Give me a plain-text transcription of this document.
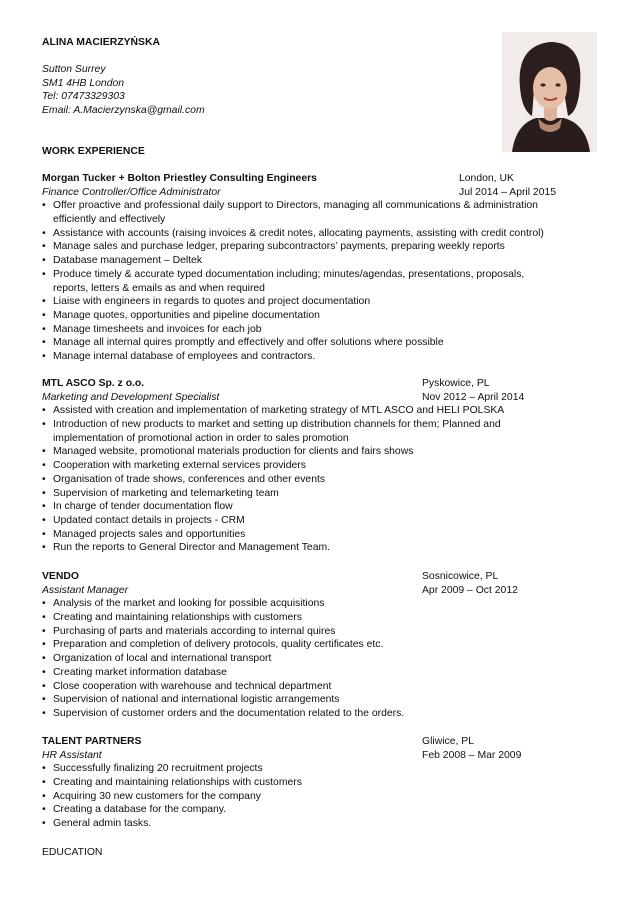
ALINA MACIERZYŃSKA
Sutton Surrey
SM1 4HB London
Tel: 07473329303
Email: A.Macierzynska@gmail.com
WORK EXPERIENCE
Morgan Tucker + Bolton Priestley Consulting Engineers	London, UK
Finance Controller/Office Administrator	Jul 2014 – April 2015
• Offer proactive and professional daily support to Directors, managing all communications & administration efficiently and effectively
• Assistance with accounts (raising invoices & credit notes, allocating payments, assisting with credit control)
• Manage sales and purchase ledger, preparing subcontractors’ payments, preparing weekly reports
• Database management – Deltek
• Produce timely & accurate typed documentation including; minutes/agendas, presentations, proposals, reports, letters & emails as and when required
• Liaise with engineers in regards to quotes and project documentation
• Manage quotes, opportunities and pipeline documentation
• Manage timesheets and invoices for each job
• Manage all internal quires promptly and effectively and offer solutions where possible
• Manage internal database of employees and contractors.
MTL ASCO Sp. z o.o.	Pyskowice, PL
Marketing and Development Specialist	Nov 2012 – April 2014
• Assisted with creation and implementation of marketing strategy of MTL ASCO and HELI POLSKA
• Introduction of new products to market and setting up distribution channels for them; Planned and implementation of promotional action in order to sales promotion
• Managed website, promotional materials production for clients and fairs shows
• Cooperation with marketing external services providers
• Organisation of trade shows, conferences and other events
• Supervision of marketing and telemarketing team
• In charge of tender documentation flow
• Updated contact details in projects - CRM
• Managed projects sales and opportunities
• Run the reports to General Director and Management Team.
VENDO	Sosnicowice, PL
Assistant Manager	Apr 2009 – Oct 2012
• Analysis of the market and looking for possible acquisitions
• Creating and maintaining relationships with customers
• Purchasing of parts and materials according to internal quires
• Preparation and completion of delivery protocols, quality certificates etc.
• Organization of local and international transport
• Creating market information database
• Close cooperation with warehouse and technical department
• Supervision of national and international logistic arrangements
• Supervision of customer orders and the documentation related to the orders.
TALENT PARTNERS	Gliwice, PL
HR Assistant	Feb 2008 – Mar 2009
• Successfully finalizing 20 recruitment projects
• Creating and maintaining relationships with customers
• Acquiring 30 new customers for the company
• Creating a database for the company.
• General admin tasks.
EDUCATION
